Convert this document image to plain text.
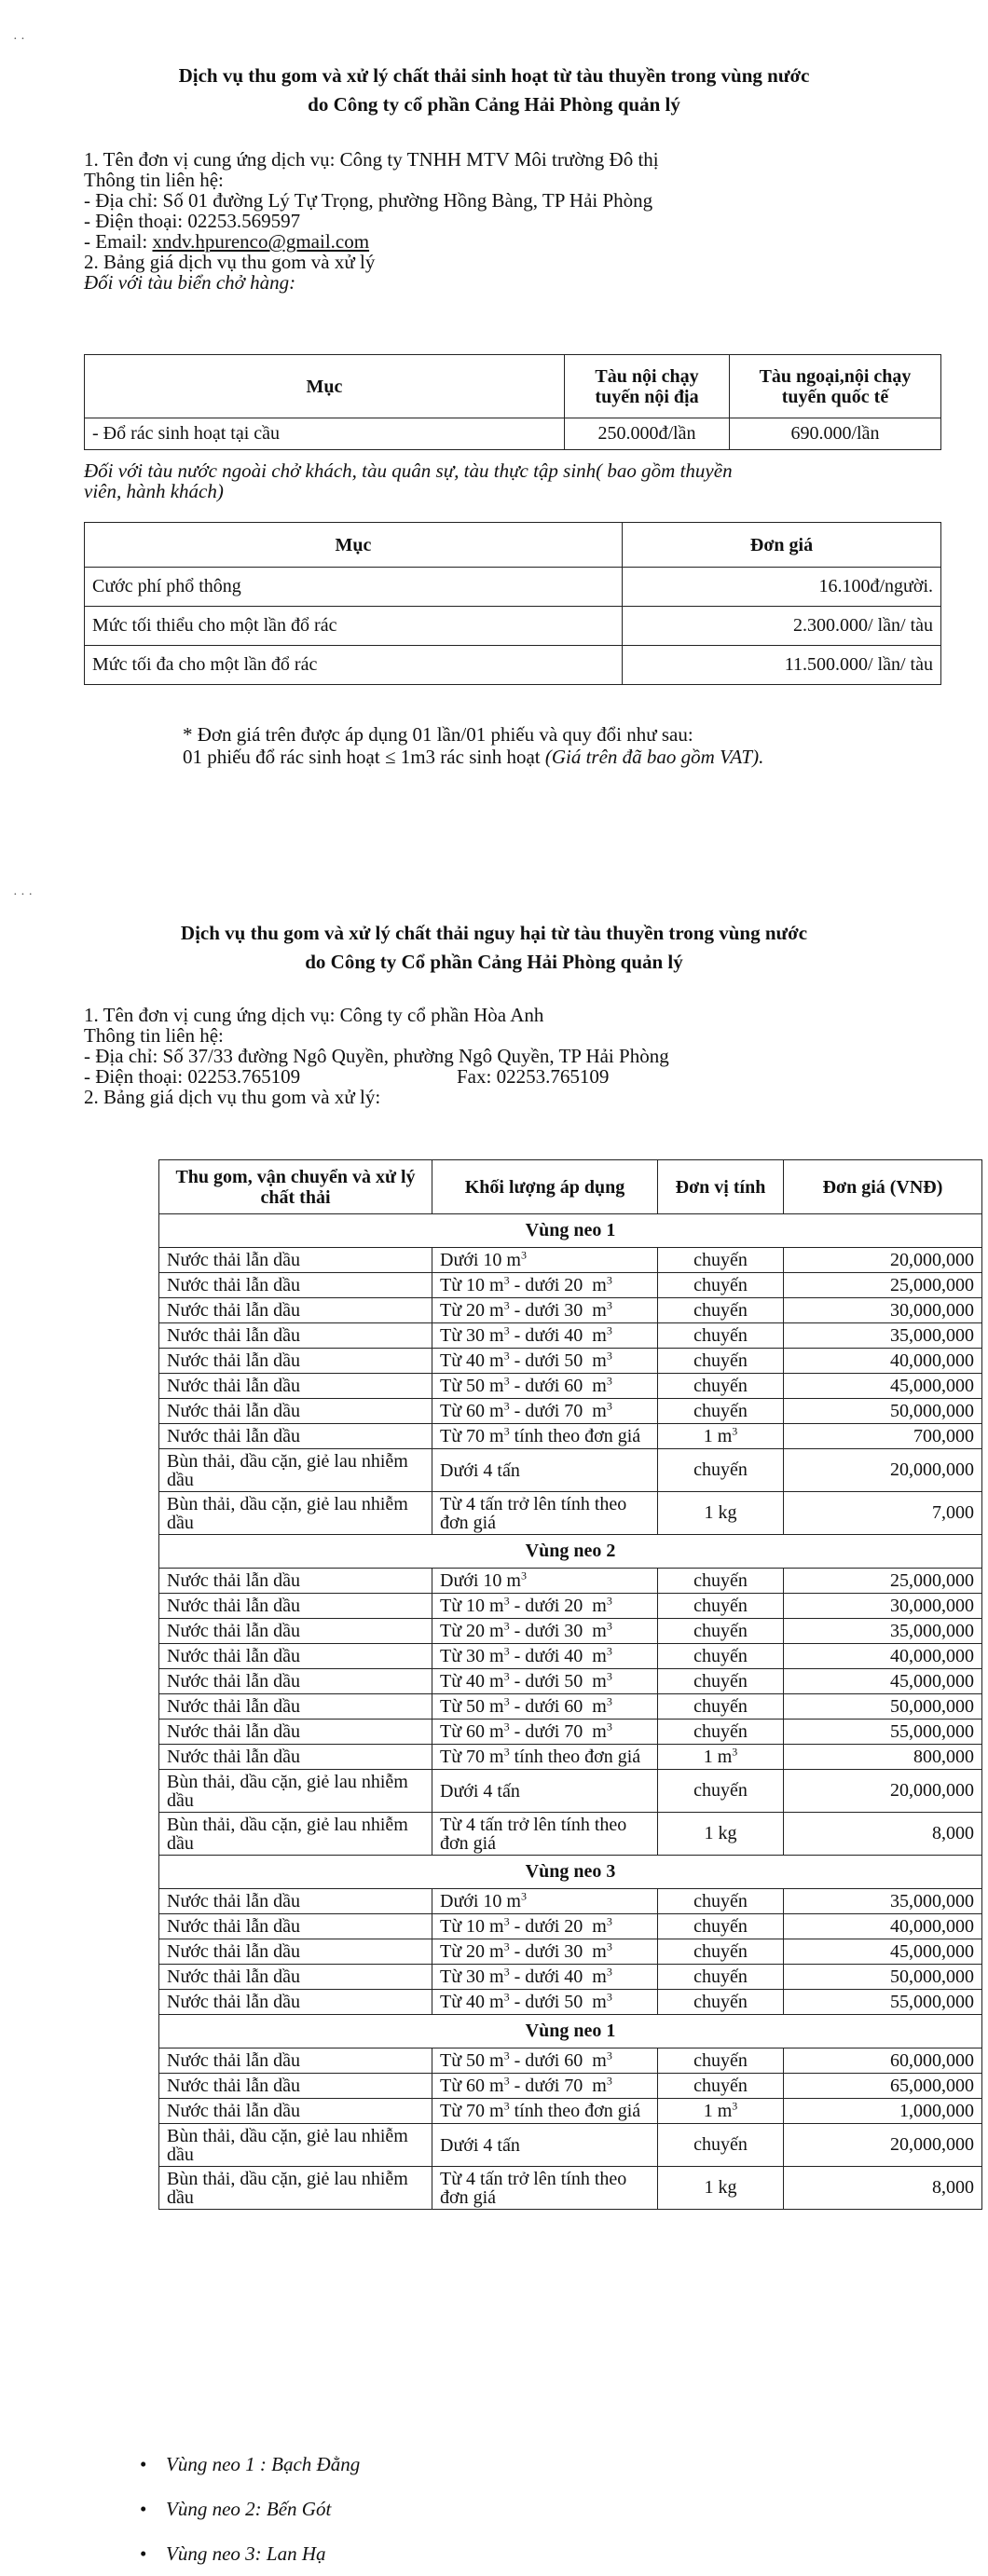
· ·
Dịch vụ thu gom và xử lý chất thải sinh hoạt từ tàu thuyền trong vùng nước
do Công ty cổ phần Cảng Hải Phòng quản lý
1. Tên đơn vị cung ứng dịch vụ: Công ty TNHH MTV Môi trường Đô thị
Thông tin liên hệ:
- Địa chỉ: Số 01 đường Lý Tự Trọng, phường Hồng Bàng, TP Hải Phòng
- Điện thoại: 02253.569597
- Email: xndv.hpurenco@gmail.com
2. Bảng giá dịch vụ thu gom và xử lý
Đối với tàu biển chở hàng:
Mục	Tàu nội chạy tuyến nội địa	Tàu ngoại,nội chạy tuyến quốc tế
- Đổ rác sinh hoạt tại cầu	250.000đ/lần	690.000/lần
Đối với tàu nước ngoài chở khách, tàu quân sự, tàu thực tập sinh( bao gồm thuyền
viên, hành khách)
Mục	Đơn giá
Cước phí phổ thông	16.100đ/người.
Mức tối thiểu cho một lần đổ rác	2.300.000/ lần/ tàu
Mức tối đa cho một lần đổ rác	11.500.000/ lần/ tàu
* Đơn giá trên được áp dụng 01 lần/01 phiếu và quy đổi như sau:
01 phiếu đổ rác sinh hoạt ≤ 1m3 rác sinh hoạt (Giá trên đã bao gồm VAT).
· · ·
Dịch vụ thu gom và xử lý chất thải nguy hại từ tàu thuyền trong vùng nước
do Công ty Cổ phần Cảng Hải Phòng quản lý
1. Tên đơn vị cung ứng dịch vụ: Công ty cổ phần Hòa Anh
Thông tin liên hệ:
- Địa chỉ: Số 37/33 đường Ngô Quyền, phường Ngô Quyền, TP Hải Phòng
- Điện thoại: 02253.765109	Fax: 02253.765109
2. Bảng giá dịch vụ thu gom và xử lý:
Thu gom, vận chuyển và xử lý chất thải	Khối lượng áp dụng	Đơn vị tính	Đơn giá (VNĐ)
Vùng neo 1			
Nước thải lẫn dầu	Dưới 10 $m^3$	chuyến	20,000,000
Nước thải lẫn dầu	Từ 10 $m^3$ - dưới 20  $m^3$	chuyến	25,000,000
Nước thải lẫn dầu	Từ 20 $m^3$ - dưới 30  $m^3$	chuyến	30,000,000
Nước thải lẫn dầu	Từ 30 $m^3$ - dưới 40  $m^3$	chuyến	35,000,000
Nước thải lẫn dầu	Từ 40 $m^3$ - dưới 50  $m^3$	chuyến	40,000,000
Nước thải lẫn dầu	Từ 50 $m^3$ - dưới 60  $m^3$	chuyến	45,000,000
Nước thải lẫn dầu	Từ 60 $m^3$ - dưới 70  $m^3$	chuyến	50,000,000
Nước thải lẫn dầu	Từ 70 $m^3$ tính theo đơn giá	1 $m^3$	700,000
Bùn thải, dầu cặn, giẻ lau nhiễm dầu	Dưới 4 tấn	chuyến	20,000,000
Bùn thải, dầu cặn, giẻ lau nhiễm dầu	Từ 4 tấn trở lên tính theo đơn giá	1 kg	7,000
Vùng neo 2			
Nước thải lẫn dầu	Dưới 10 $m^3$	chuyến	25,000,000
Nước thải lẫn dầu	Từ 10 $m^3$ - dưới 20  $m^3$	chuyến	30,000,000
Nước thải lẫn dầu	Từ 20 $m^3$ - dưới 30  $m^3$	chuyến	35,000,000
Nước thải lẫn dầu	Từ 30 $m^3$ - dưới 40  $m^3$	chuyến	40,000,000
Nước thải lẫn dầu	Từ 40 $m^3$ - dưới 50  $m^3$	chuyến	45,000,000
Nước thải lẫn dầu	Từ 50 $m^3$ - dưới 60  $m^3$	chuyến	50,000,000
Nước thải lẫn dầu	Từ 60 $m^3$ - dưới 70  $m^3$	chuyến	55,000,000
Nước thải lẫn dầu	Từ 70 $m^3$ tính theo đơn giá	1 $m^3$	800,000
Bùn thải, dầu cặn, giẻ lau nhiễm dầu	Dưới 4 tấn	chuyến	20,000,000
Bùn thải, dầu cặn, giẻ lau nhiễm dầu	Từ 4 tấn trở lên tính theo đơn giá	1 kg	8,000
Vùng neo 3			
Nước thải lẫn dầu	Dưới 10 $m^3$	chuyến	35,000,000
Nước thải lẫn dầu	Từ 10 $m^3$ - dưới 20  $m^3$	chuyến	40,000,000
Nước thải lẫn dầu	Từ 20 $m^3$ - dưới 30  $m^3$	chuyến	45,000,000
Nước thải lẫn dầu	Từ 30 $m^3$ - dưới 40  $m^3$	chuyến	50,000,000
Nước thải lẫn dầu	Từ 40 $m^3$ - dưới 50  $m^3$	chuyến	55,000,000
Vùng neo 1			
Nước thải lẫn dầu	Từ 50 $m^3$ - dưới 60  $m^3$	chuyến	60,000,000
Nước thải lẫn dầu	Từ 60 $m^3$ - dưới 70  $m^3$	chuyến	65,000,000
Nước thải lẫn dầu	Từ 70 $m^3$ tính theo đơn giá	1 $m^3$	1,000,000
Bùn thải, dầu cặn, giẻ lau nhiễm dầu	Dưới 4 tấn	chuyến	20,000,000
Bùn thải, dầu cặn, giẻ lau nhiễm dầu	Từ 4 tấn trở lên tính theo đơn giá	1 kg	8,000
• Vùng neo 1 : Bạch Đằng
• Vùng neo 2: Bến Gót
• Vùng neo 3: Lan Hạ
